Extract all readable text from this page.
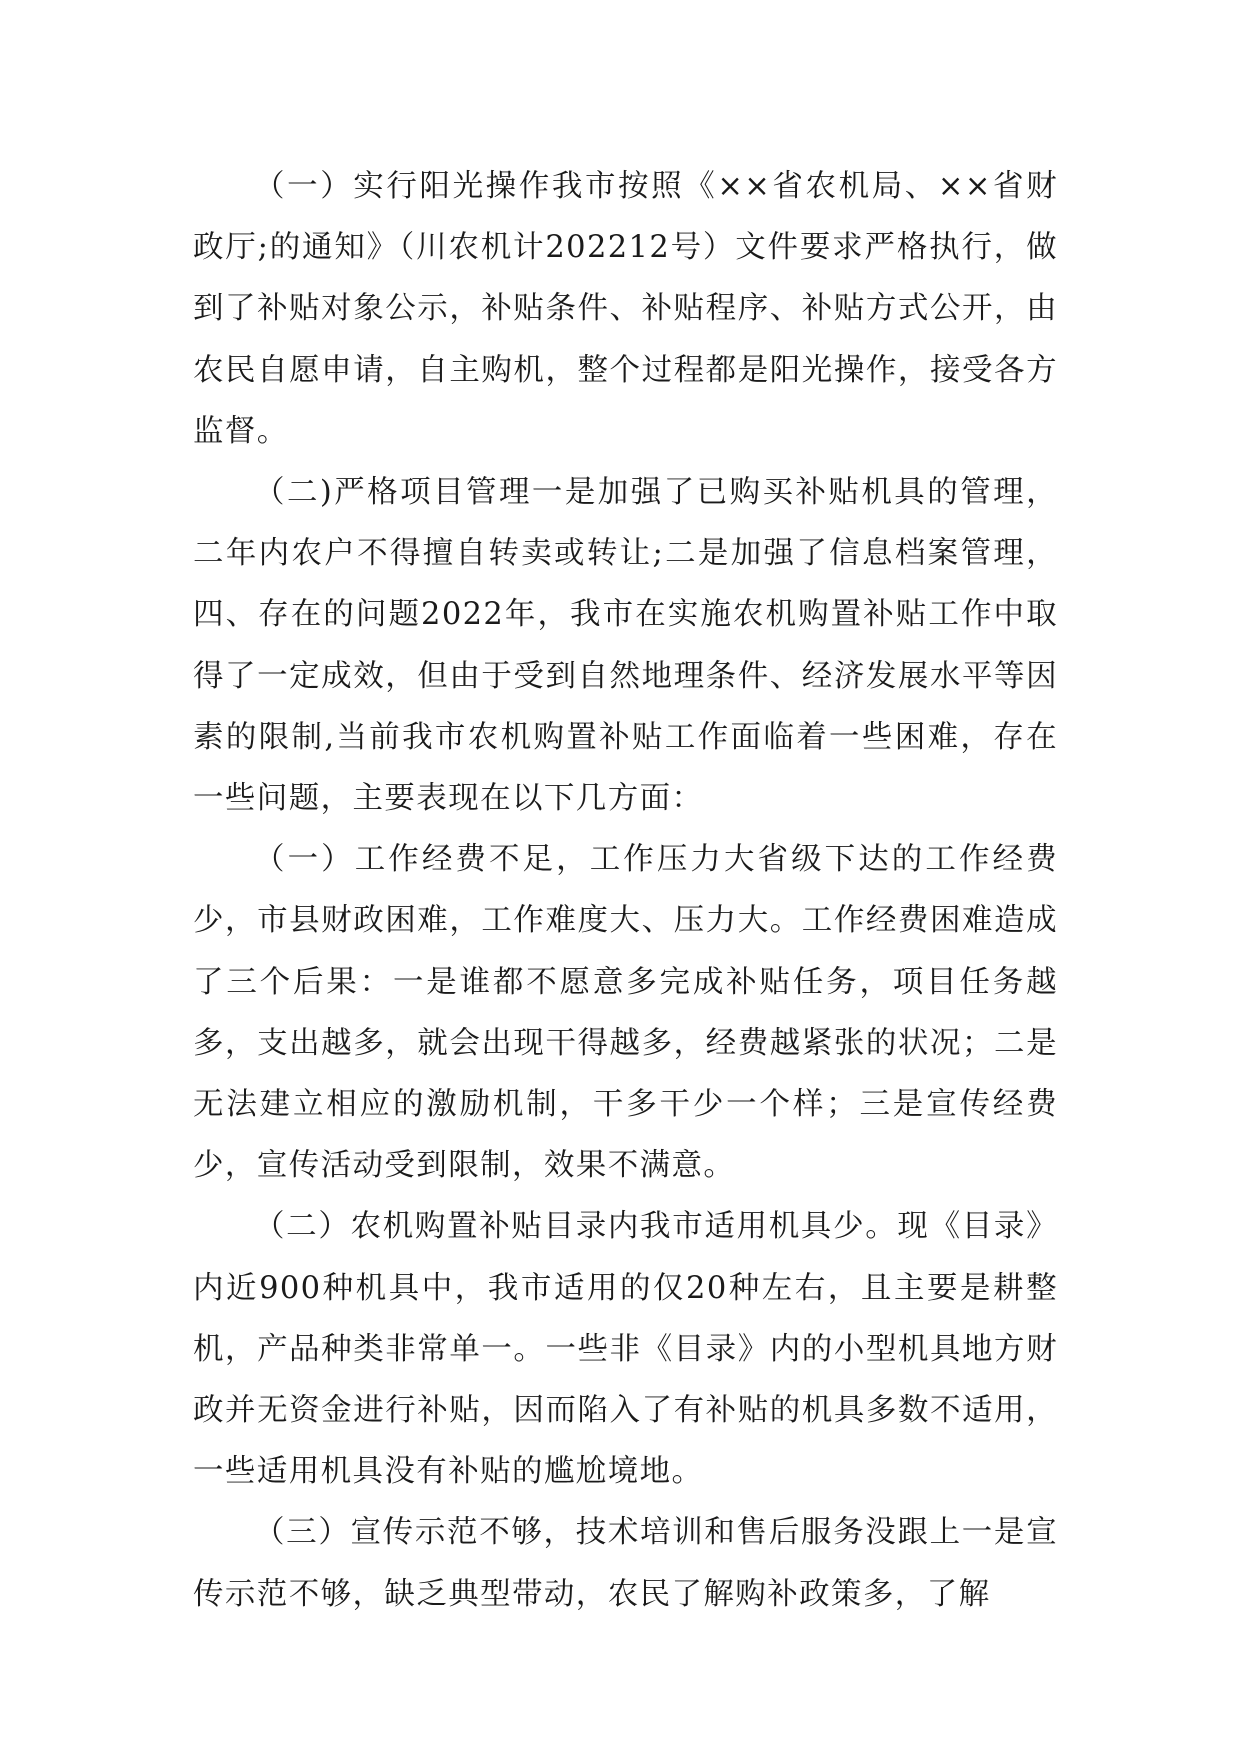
（一）实行阳光操作我市按照《××省农机局、××省财政厅;的通知》（川农机计202212号）文件要求严格执行，做到了补贴对象公示，补贴条件、补贴程序、补贴方式公开，由农民自愿申请，自主购机，整个过程都是阳光操作，接受各方监督。

（二)严格项目管理一是加强了已购买补贴机具的管理，二年内农户不得擅自转卖或转让;二是加强了信息档案管理，四、存在的问题2022年，我市在实施农机购置补贴工作中取得了一定成效，但由于受到自然地理条件、经济发展水平等因素的限制,当前我市农机购置补贴工作面临着一些困难，存在一些问题，主要表现在以下几方面：

（一）工作经费不足，工作压力大省级下达的工作经费少，市县财政困难，工作难度大、压力大。工作经费困难造成了三个后果：一是谁都不愿意多完成补贴任务，项目任务越多，支出越多，就会出现干得越多，经费越紧张的状况；二是无法建立相应的激励机制，干多干少一个样；三是宣传经费少，宣传活动受到限制，效果不满意。

（二）农机购置补贴目录内我市适用机具少。现《目录》内近900种机具中，我市适用的仅20种左右，且主要是耕整机，产品种类非常单一。一些非《目录》内的小型机具地方财政并无资金进行补贴，因而陷入了有补贴的机具多数不适用，一些适用机具没有补贴的尴尬境地。

（三）宣传示范不够，技术培训和售后服务没跟上一是宣传示范不够，缺乏典型带动，农民了解购补政策多，了解
